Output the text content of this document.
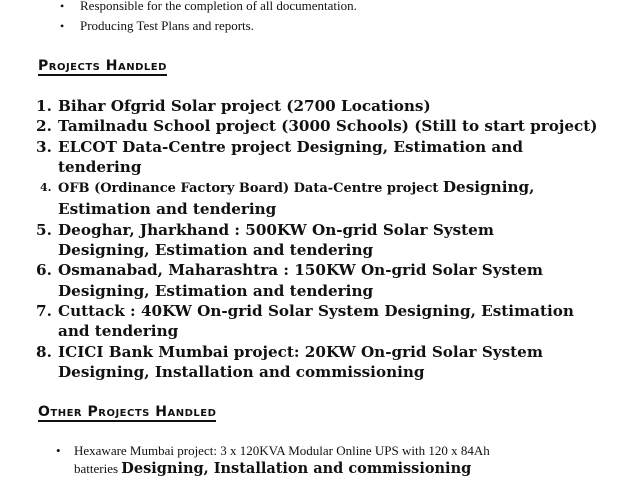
• Responsible for the completion of all documentation.
• Producing Test Plans and reports.
Projects Handled
1. Bihar Ofgrid Solar project (2700 Locations)
2. Tamilnadu School project (3000 Schools) (Still to start project)
3. ELCOT Data-Centre project Designing, Estimation and
tendering
4. OFB (Ordinance Factory Board) Data-Centre project Designing,
Estimation and tendering
5. Deoghar, Jharkhand : 500KW On-grid Solar System
Designing, Estimation and tendering
6. Osmanabad, Maharashtra : 150KW On-grid Solar System
Designing, Estimation and tendering
7. Cuttack : 40KW On-grid Solar System Designing, Estimation
and tendering
8. ICICI Bank Mumbai project: 20KW On-grid Solar System
Designing, Installation and commissioning
Other Projects Handled
• Hexaware Mumbai project: 3 x 120KVA Modular Online UPS with 120 x 84Ah
batteries Designing, Installation and commissioning
